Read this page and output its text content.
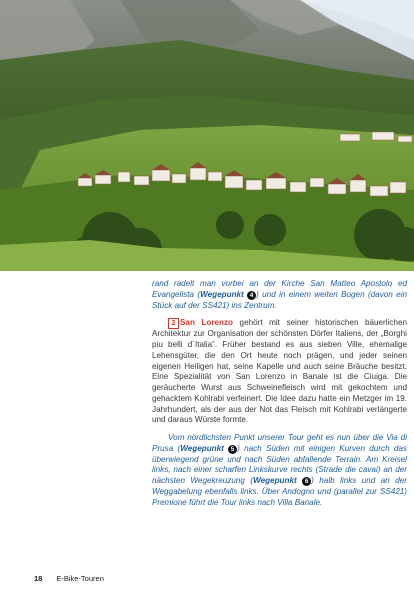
rand radelt man vorbei an der Kirche San Matteo Apostolo ed Evangelista (Wegepunkt 4 ) und in einem weiten Bogen (davon ein Stück auf der SS421) ins Zentrum.

2 San Lorenzo gehört mit seiner historischen bäuerlichen Architektur zur Organisation der schönsten Dörfer Italiens, der „Borghi piu belli d´Italia“. Früher bestand es aus sieben Ville, ehemalige Lehensgüter, die den Ort heute noch prägen, und jeder seinen eigenen Heiligen hat, seine Kapelle und auch seine Bräuche besitzt. Eine Spezialität von San Lorenzo in Banale ist die Ciuiga. Die geräucherte Wurst aus Schweinefleisch wird mit gekochtem und gehacktem Kohlrabi verfeinert. Die Idee dazu hatte ein Metzger im 19. Jahrhundert, als der aus der Not das Fleisch mit Kohlrabi verlängerte und daraus Würste formte.

Vom nördlichsten Punkt unserer Tour geht es nun über die Via di Prusa (Wegepunkt 5 ) nach Süden mit einigen Kurven durch das überwiegend grüne und nach Süden abfallende Terrain. Am Kreisel links, nach einer scharfen Linkskurve rechts (Strade die cavai) an der nächsten Wegekreuzung (Wegepunkt 6 ) halb links und an der Weggabelung ebenfalls links. Über Andogno und (parallel zur SS421) Premione führt die Tour links nach Villa Banale.

18 E-Bike-Touren
